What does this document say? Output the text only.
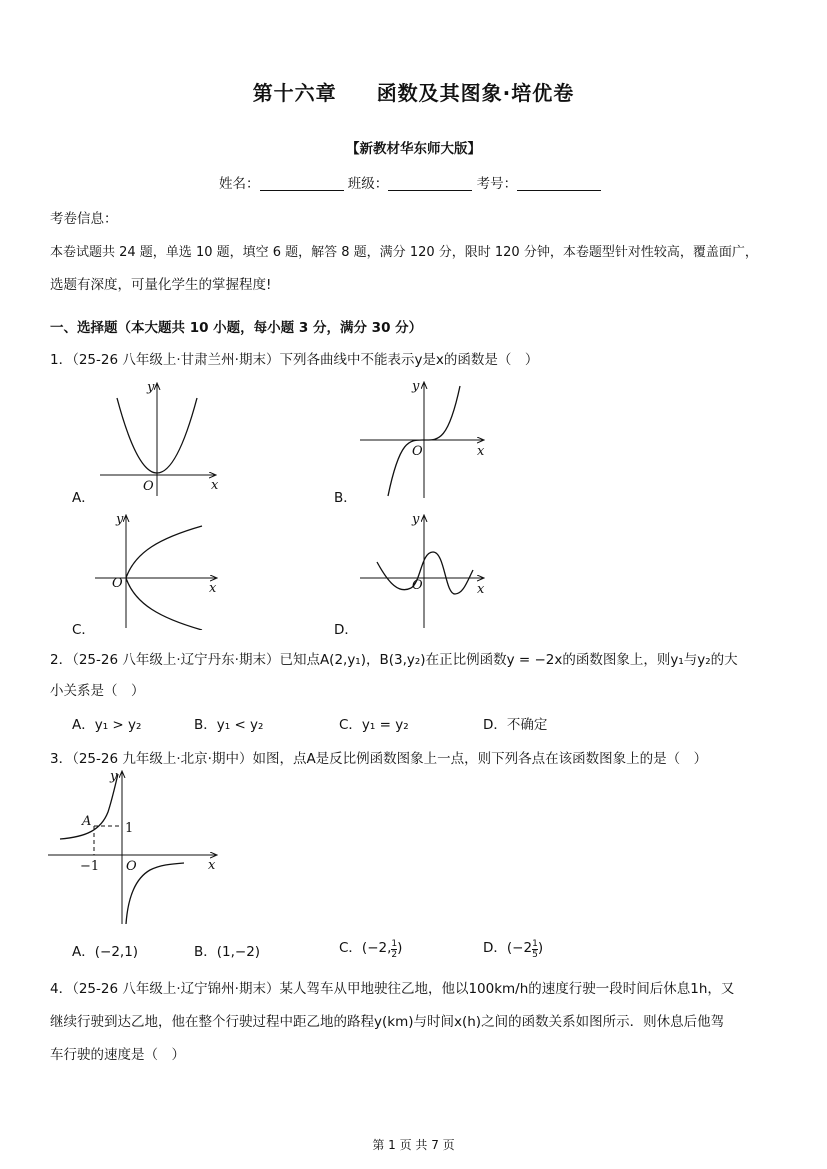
第十六章 函数及其图象·培优卷
【新教材华东师大版】
姓名：	班级：	考号：
考卷信息：
本卷试题共 24 题，单选 10 题，填空 6 题，解答 8 题，满分 120 分，限时 120 分钟，本卷题型针对性较高，覆盖面广，
选题有深度，可量化学生的掌握程度!
一、选择题（本大题共 10 小题，每小题 3 分，满分 30 分）
1．（25-26 八年级上·甘肃兰州·期末）下列各曲线中不能表示y是x的函数是（　）
y
x
O
A．
y
x
O
B．
y
x
O
C．
y
x
O
D．
2．（25-26 八年级上·辽宁丹东·期末）已知点A(2,y₁)，B(3,y₂)在正比例函数y = −2x的函数图象上，则y₁与y₂的大
小关系是（　）
A．y₁ > y₂	B．y₁ < y₂	C．y₁ = y₂	D．不确定
3．（25-26 九年级上·北京·期中）如图，点A是反比例函数图象上一点，则下列各点在该函数图象上的是（　）
y
x
O
A	1
−1
A．(−2,1)	B．(1,−2)	C．(−2, $\frac{1}{2}$ )	D．($-2 \frac{1}{5}$ )
4．（25-26 八年级上·辽宁锦州·期末）某人驾车从甲地驶往乙地，他以100km/h的速度行驶一段时间后休息1h，又
继续行驶到达乙地，他在整个行驶过程中距乙地的路程y(km)与时间x(h)之间的函数关系如图所示．则休息后他驾
车行驶的速度是（　）
第 1 页 共 7 页
